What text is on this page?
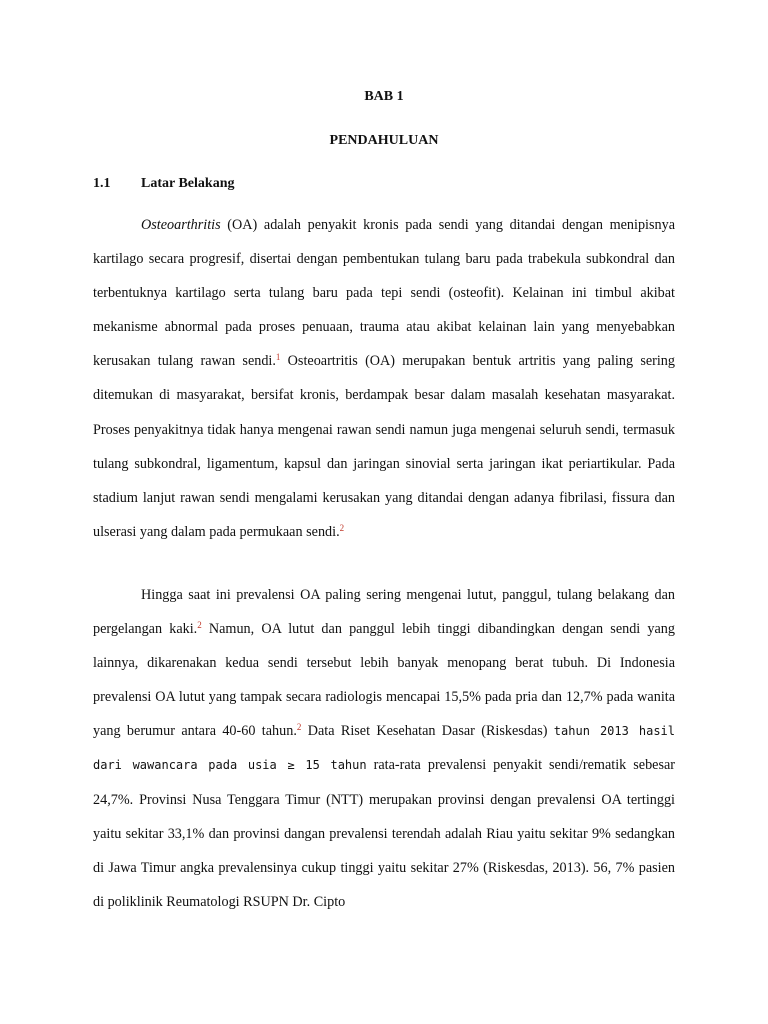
BAB 1
PENDAHULUAN
1.1 Latar Belakang

Osteoarthritis (OA) adalah penyakit kronis pada sendi yang ditandai dengan menipisnya kartilago secara progresif, disertai dengan pembentukan tulang baru pada trabekula subkondral dan terbentuknya kartilago serta tulang baru pada tepi sendi (osteofit). Kelainan ini timbul akibat mekanisme abnormal pada proses penuaan, trauma atau akibat kelainan lain yang menyebabkan kerusakan tulang rawan sendi.$^1$ Osteoartritis (OA) merupakan bentuk artritis yang paling sering ditemukan di masyarakat, bersifat kronis, berdampak besar dalam masalah kesehatan masyarakat. Proses penyakitnya tidak hanya mengenai rawan sendi namun juga mengenai seluruh sendi, termasuk tulang subkondral, ligamentum, kapsul dan jaringan sinovial serta jaringan ikat periartikular. Pada stadium lanjut rawan sendi mengalami kerusakan yang ditandai dengan adanya fibrilasi, fissura dan ulserasi yang dalam pada permukaan sendi.$^2$

Hingga saat ini prevalensi OA paling sering mengenai lutut, panggul, tulang belakang dan pergelangan kaki.$^2$ Namun, OA lutut dan panggul lebih tinggi dibandingkan dengan sendi yang lainnya, dikarenakan kedua sendi tersebut lebih banyak menopang berat tubuh. Di Indonesia prevalensi OA lutut yang tampak secara radiologis mencapai 15,5% pada pria dan 12,7% pada wanita yang berumur antara 40-60 tahun.$^2$ Data Riset Kesehatan Dasar (Riskesdas) tahun 2013 hasil dari wawancara pada usia ≥ 15 tahun rata-rata prevalensi penyakit sendi/rematik sebesar 24,7%. Provinsi Nusa Tenggara Timur (NTT) merupakan provinsi dengan prevalensi OA tertinggi yaitu sekitar 33,1% dan provinsi dangan prevalensi terendah adalah Riau yaitu sekitar 9% sedangkan di Jawa Timur angka prevalensinya cukup tinggi yaitu sekitar 27% (Riskesdas, 2013). 56, 7% pasien di poliklinik Reumatologi RSUPN Dr. Cipto
